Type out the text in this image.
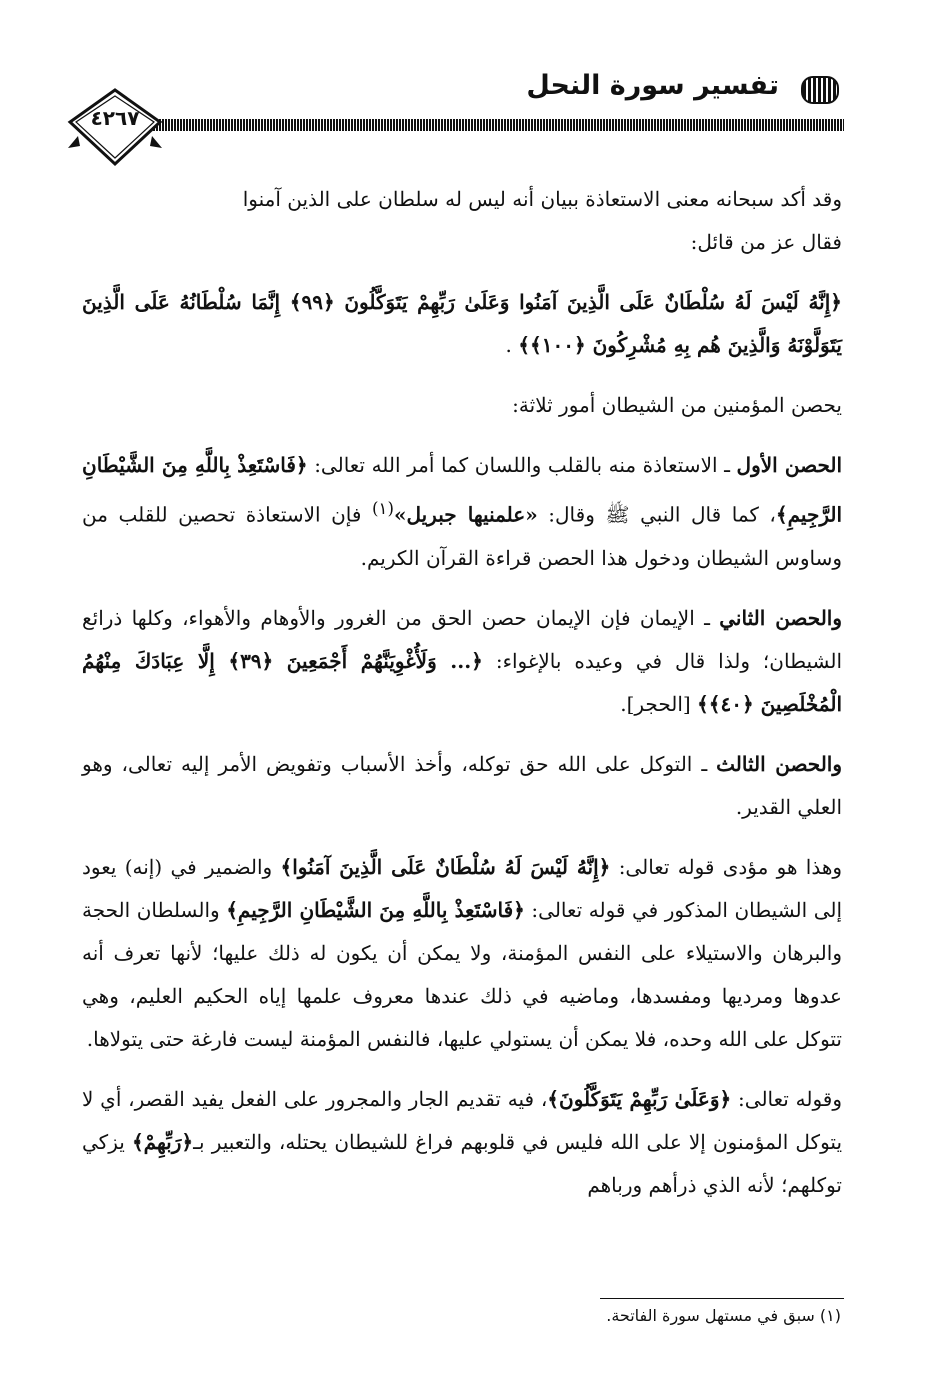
تفسير سورة النحل
٤٢٦٧

وقد أكد سبحانه معنى الاستعاذة ببيان أنه ليس له سلطان على الذين آمنوا
فقال عز من قائل:

﴿إِنَّهُ لَيْسَ لَهُ سُلْطَانٌ عَلَى الَّذِينَ آمَنُوا وَعَلَىٰ رَبِّهِمْ يَتَوَكَّلُونَ ﴿٩٩﴾ إِنَّمَا سُلْطَانُهُ عَلَى الَّذِينَ يَتَوَلَّوْنَهُ وَالَّذِينَ هُم بِهِ مُشْرِكُونَ ﴿١٠٠﴾﴾ .

يحصن المؤمنين من الشيطان أمور ثلاثة:

الحصن الأول ـ الاستعاذة منه بالقلب واللسان كما أمر الله تعالى: ﴿فَاسْتَعِذْ بِاللَّهِ مِنَ الشَّيْطَانِ الرَّجِيمِ﴾، كما قال النبي ﷺ وقال: «علمنيها جبريل»$^{(١)}$ فإن الاستعاذة تحصين للقلب من وساوس الشيطان ودخول هذا الحصن قراءة القرآن الكريم.

والحصن الثاني ـ الإيمان فإن الإيمان حصن الحق من الغرور والأوهام والأهواء، وكلها ذرائع الشيطان؛ ولذا قال في وعيده بالإغواء: ﴿... وَلَأُغْوِيَنَّهُمْ أَجْمَعِينَ ﴿٣٩﴾ إِلَّا عِبَادَكَ مِنْهُمُ الْمُخْلَصِينَ ﴿٤٠﴾﴾ [الحجر].

والحصن الثالث ـ التوكل على الله حق توكله، وأخذ الأسباب وتفويض الأمر إليه تعالى، وهو العلي القدير.

وهذا هو مؤدى قوله تعالى: ﴿إِنَّهُ لَيْسَ لَهُ سُلْطَانٌ عَلَى الَّذِينَ آمَنُوا﴾ والضمير في (إنه) يعود إلى الشيطان المذكور في قوله تعالى: ﴿فَاسْتَعِذْ بِاللَّهِ مِنَ الشَّيْطَانِ الرَّجِيمِ﴾ والسلطان الحجة والبرهان والاستيلاء على النفس المؤمنة، ولا يمكن أن يكون له ذلك عليها؛ لأنها تعرف أنه عدوها ومرديها ومفسدها، وماضيه في ذلك عندها معروف علمها إياه الحكيم العليم، وهي تتوكل على الله وحده، فلا يمكن أن يستولي عليها، فالنفس المؤمنة ليست فارغة حتى يتولاها.

وقوله تعالى: ﴿وَعَلَىٰ رَبِّهِمْ يَتَوَكَّلُونَ﴾، فيه تقديم الجار والمجرور على الفعل يفيد القصر، أي لا يتوكل المؤمنون إلا على الله فليس في قلوبهم فراغ للشيطان يحتله، والتعبير بـ﴿رَبِّهِمْ﴾ يزكي توكلهم؛ لأنه الذي ذرأهم ورباهم

(١) سبق في مستهل سورة الفاتحة.
